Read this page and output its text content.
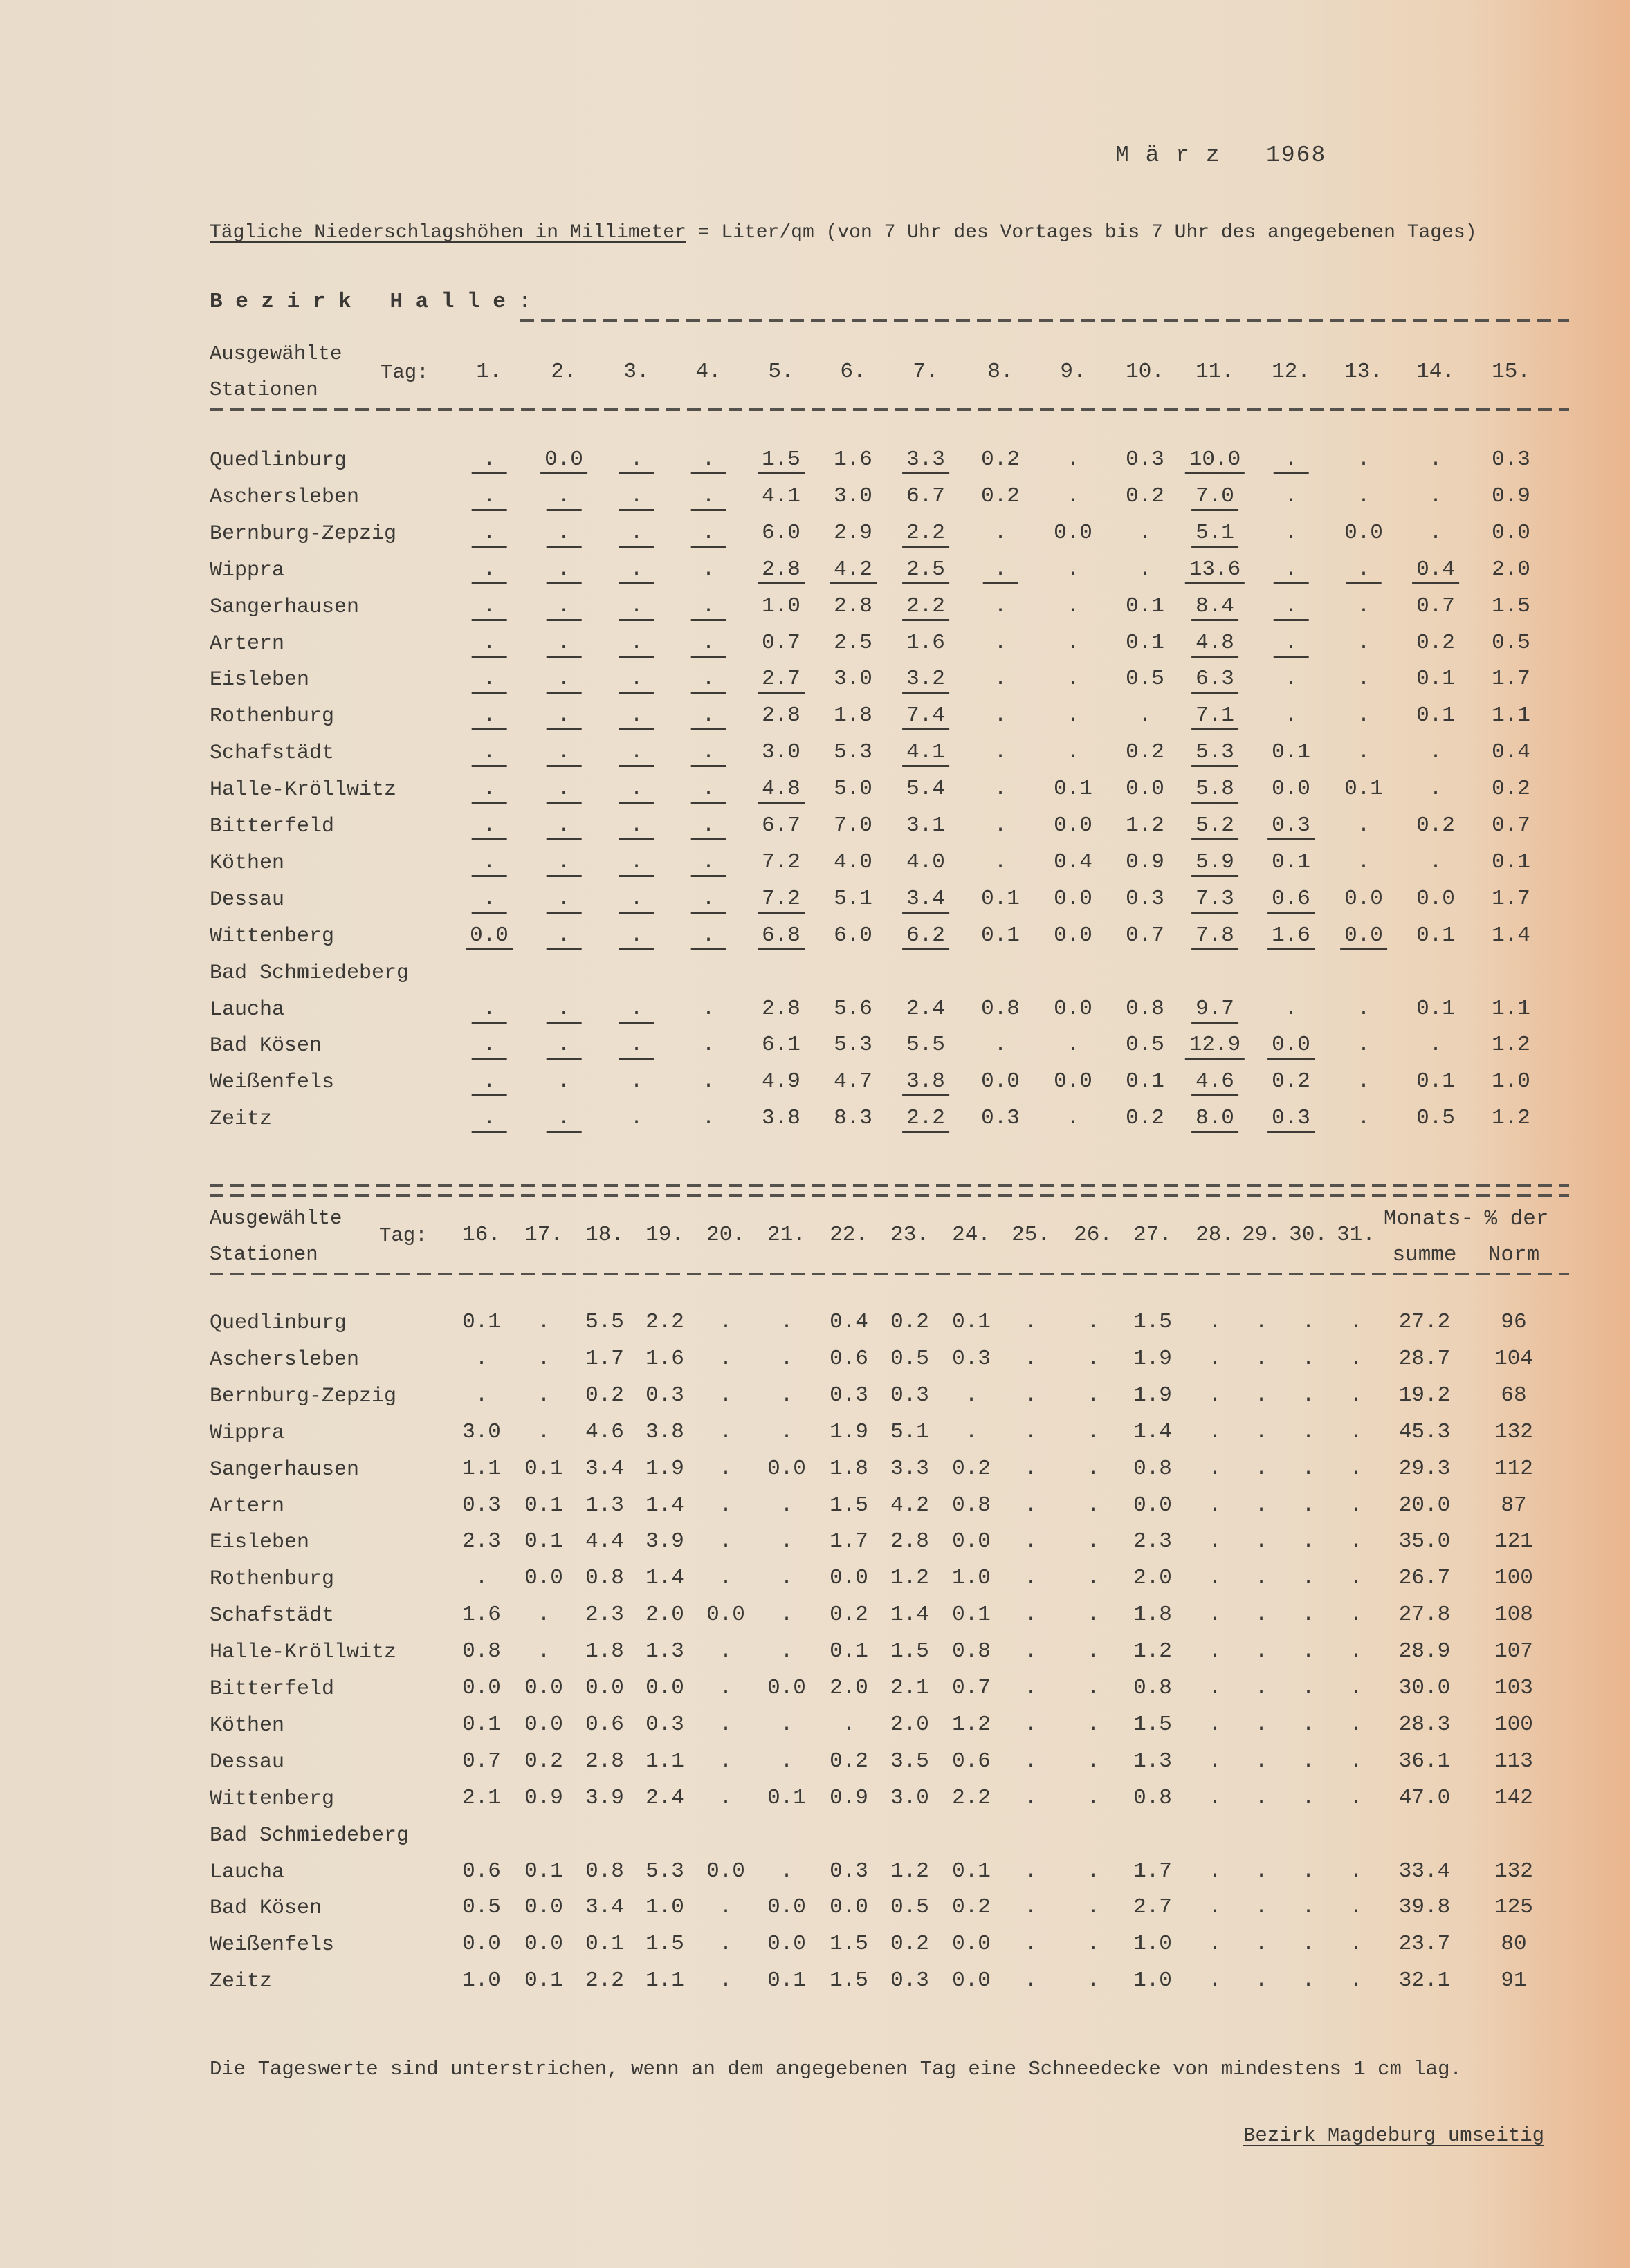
M ä r z   1968
Tägliche Niederschlagshöhen in Millimeter = Liter/qm (von 7 Uhr des Vortages bis 7 Uhr des angegebenen Tages)
B e z i r k   H a l l e :
Ausgewählte
Stationen
Tag: 1. 2. 3. 4. 5. 6. 7. 8. 9. 10. 11. 12. 13. 14. 15.
Quedlinburg	.	0.0	.	.	1.5 1.6 3.3 0.2 . 0.3 10.0	.	.	. 0.3
Aschersleben	.	.	.	.	4.1 3.0 6.7 0.2 . 0.2 7.0 .	.	. 0.9
Bernburg-Zepzig	.	.	.	.	6.0 2.9 2.2 . 0.0 . 5.1 . 0.0 . 0.0
Wippra	.	.	.	. 2.8 4.2 2.5	.	.	. 13.6	.	.	0.4 2.0
Sangerhausen	.	.	.	.	1.0 2.8 2.2 .	. 0.1 8.4	.	. 0.7 1.5
Artern	.	.	.	.	0.7 2.5 1.6 .	. 0.1 4.8	.	. 0.2 0.5
Eisleben	.	.	.	.	2.7 3.0 3.2 .	. 0.5 6.3 .	. 0.1 1.7
Rothenburg	.	.	.	.	2.8 1.8 7.4 .	.	. 7.1 .	. 0.1 1.1
Schafstädt	.	.	.	.	3.0 5.3 4.1 .	. 0.2 5.3 0.1 .	. 0.4
Halle-Kröllwitz	.	.	.	.	4.8 5.0 5.4 . 0.1 0.0 5.8 0.0 0.1 . 0.2
Bitterfeld	.	.	.	.	6.7 7.0 3.1 . 0.0 1.2 5.2 0.3 . 0.2 0.7
Köthen	.	.	.	.	7.2 4.0 4.0 . 0.4 0.9 5.9 0.1 .	. 0.1
Dessau	.	.	.	.	7.2 5.1 3.4 0.1 0.0 0.3 7.3 0.6 0.0 0.0 1.7
Wittenberg	0.0	.	.	.	6.8 6.0 6.2 0.1 0.0 0.7 7.8 1.6 0.0 0.1 1.4
Bad Schmiedeberg
Laucha	.	.	.	. 2.8 5.6 2.4 0.8 0.0 0.8 9.7 .	. 0.1 1.1
Bad Kösen	.	.	.	. 6.1 5.3 5.5 .	. 0.5 12.9 0.0 .	. 1.2
Weißenfels	.	.	.	. 4.9 4.7 3.8 0.0 0.0 0.1 4.6 0.2 . 0.1 1.0
Zeitz	.	.	.	. 3.8 8.3 2.2 0.3 . 0.2 8.0 0.3 . 0.5 1.2
Ausgewählte
Stationen
Tag: 16. 17. 18. 19. 20. 21. 22. 23. 24. 25. 26. 27. 28. 29. 30. 31.
Monats-
summe
% der
Norm
Quedlinburg	0.1 . 5.5 2.2 . . 0.4 0.2 0.1 . . 1.5 . . . . 27.2 96
Aschersleben	. . 1.7 1.6 . . 0.6 0.5 0.3 . . 1.9 . . . . 28.7 104
Bernburg-Zepzig	. . 0.2 0.3 . . 0.3 0.3 . . . 1.9 . . . . 19.2 68
Wippra	3.0 . 4.6 3.8 . . 1.9 5.1 . . . 1.4 . . . . 45.3 132
Sangerhausen	1.1 0.1 3.4 1.9 . 0.0 1.8 3.3 0.2 . . 0.8 . . . . 29.3 112
Artern	0.3 0.1 1.3 1.4 . . 1.5 4.2 0.8 . . 0.0 . . . . 20.0 87
Eisleben	2.3 0.1 4.4 3.9 . . 1.7 2.8 0.0 . . 2.3 . . . . 35.0 121
Rothenburg	. 0.0 0.8 1.4 . . 0.0 1.2 1.0 . . 2.0 . . . . 26.7 100
Schafstädt	1.6 . 2.3 2.0 0.0 . 0.2 1.4 0.1 . . 1.8 . . . . 27.8 108
Halle-Kröllwitz	0.8 . 1.8 1.3 . . 0.1 1.5 0.8 . . 1.2 . . . . 28.9 107
Bitterfeld	0.0 0.0 0.0 0.0 . 0.0 2.0 2.1 0.7 . . 0.8 . . . . 30.0 103
Köthen	0.1 0.0 0.6 0.3 . . . 2.0 1.2 . . 1.5 . . . . 28.3 100
Dessau	0.7 0.2 2.8 1.1 . . 0.2 3.5 0.6 . . 1.3 . . . . 36.1 113
Wittenberg	2.1 0.9 3.9 2.4 . 0.1 0.9 3.0 2.2 . . 0.8 . . . . 47.0 142
Bad Schmiedeberg
Laucha	0.6 0.1 0.8 5.3 0.0 . 0.3 1.2 0.1 . . 1.7 . . . . 33.4 132
Bad Kösen	0.5 0.0 3.4 1.0 . 0.0 0.0 0.5 0.2 . . 2.7 . . . . 39.8 125
Weißenfels	0.0 0.0 0.1 1.5 . 0.0 1.5 0.2 0.0 . . 1.0 . . . . 23.7 80
Zeitz	1.0 0.1 2.2 1.1 . 0.1 1.5 0.3 0.0 . . 1.0 . . . . 32.1 91
Die Tageswerte sind unterstrichen, wenn an dem angegebenen Tag eine Schneedecke von mindestens 1 cm lag.
Bezirk Magdeburg umseitig
